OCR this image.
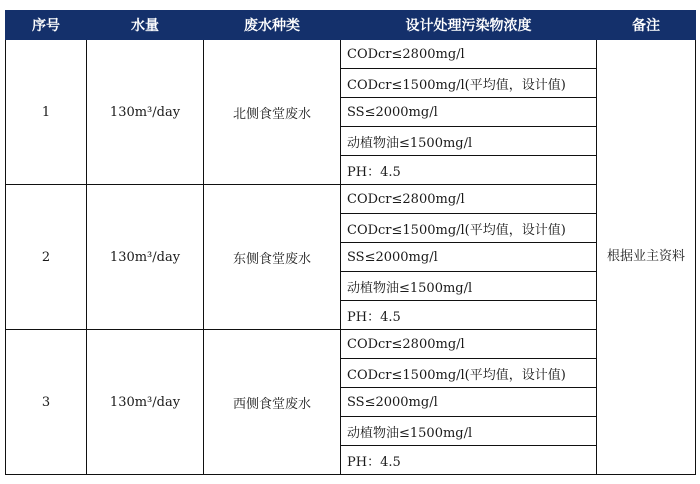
序号	水量	废水种类	设计处理污染物浓度	备注
1	130m³/day	北侧食堂废水	CODcr≤2800mg/l	根据业主资料
			CODcr≤1500mg/l(平均值，设计值)	
			SS≤2000mg/l	
			动植物油≤1500mg/l	
			PH：4.5	
2	130m³/day	东侧食堂废水	CODcr≤2800mg/l	
			CODcr≤1500mg/l(平均值，设计值)	
			SS≤2000mg/l	
			动植物油≤1500mg/l	
			PH：4.5	
3	130m³/day	西侧食堂废水	CODcr≤2800mg/l	
			CODcr≤1500mg/l(平均值，设计值)	
			SS≤2000mg/l	
			动植物油≤1500mg/l	
			PH：4.5	
